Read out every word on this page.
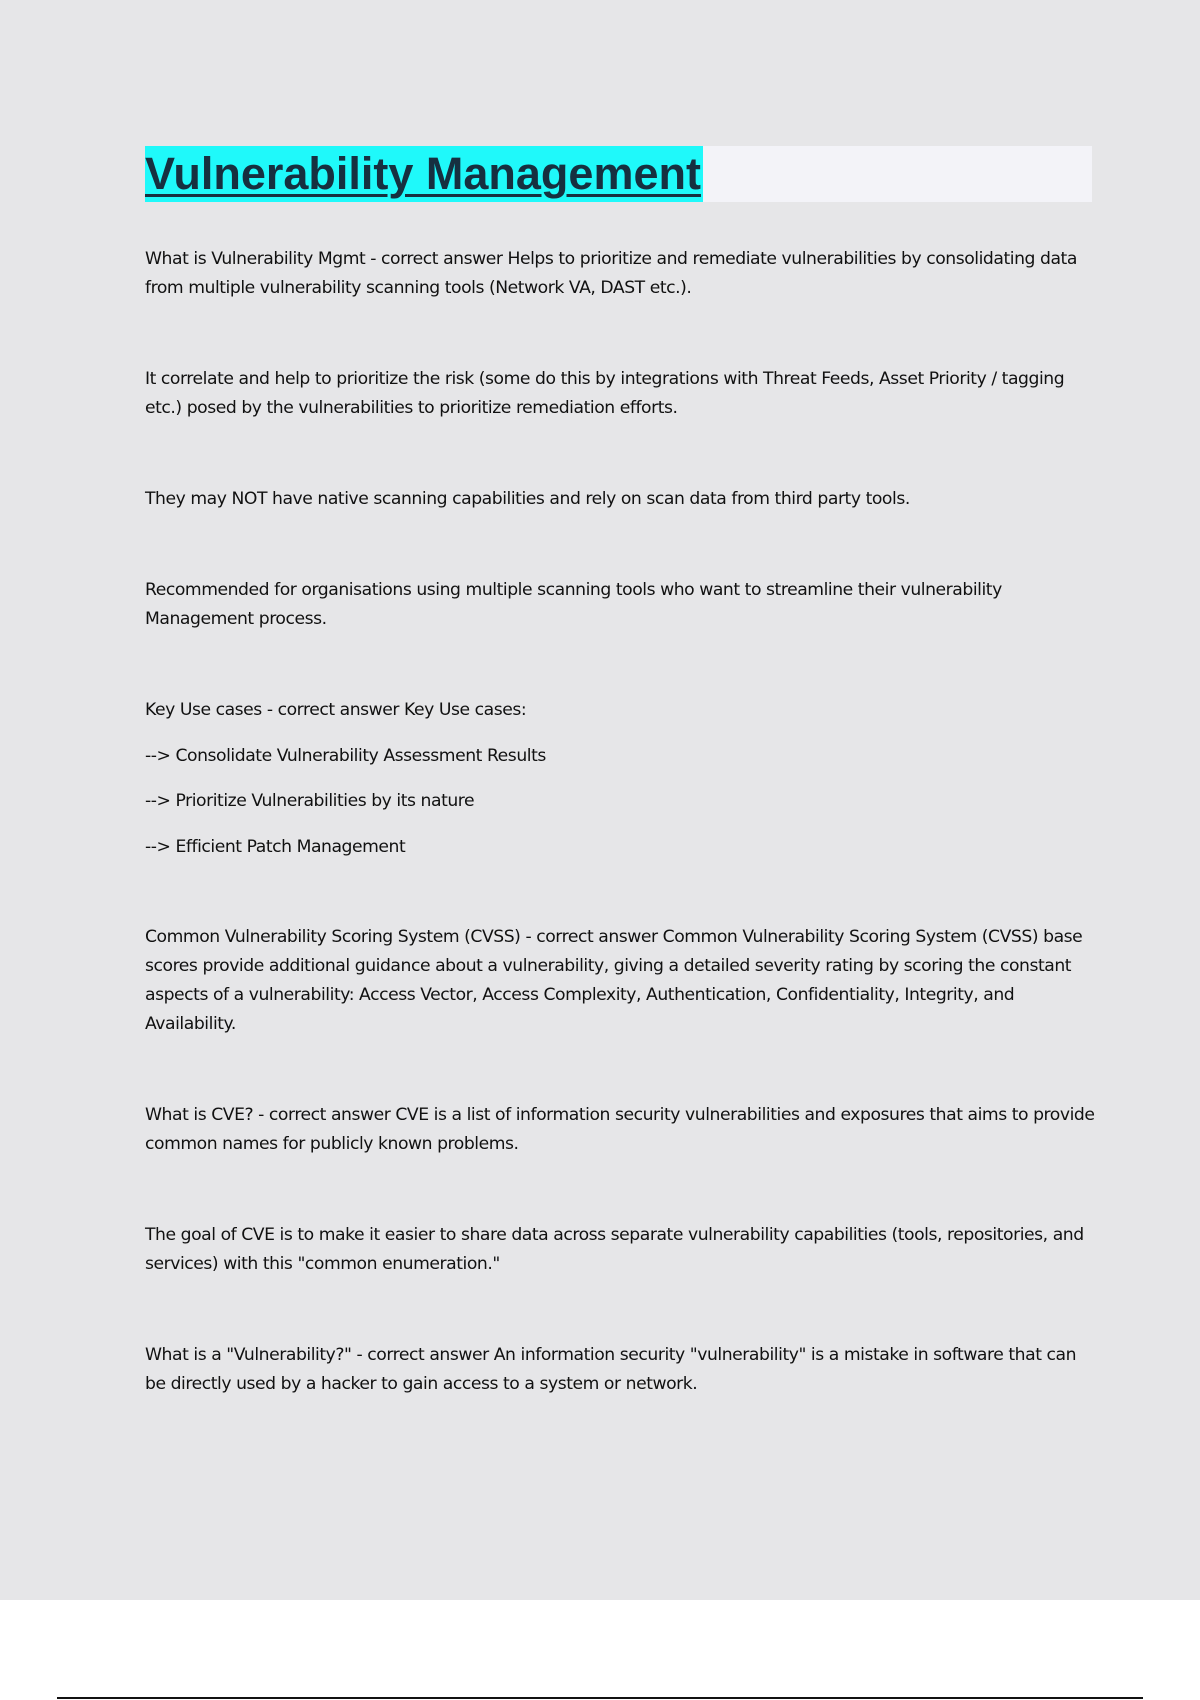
Vulnerability Management

What is Vulnerability Mgmt - correct answer Helps to prioritize and remediate vulnerabilities by consolidating data from multiple vulnerability scanning tools (Network VA, DAST etc.).

It correlate and help to prioritize the risk (some do this by integrations with Threat Feeds, Asset Priority / tagging etc.) posed by the vulnerabilities to prioritize remediation efforts.

They may NOT have native scanning capabilities and rely on scan data from third party tools.

Recommended for organisations using multiple scanning tools who want to streamline their vulnerability Management process.

Key Use cases - correct answer Key Use cases:

--> Consolidate Vulnerability Assessment Results

--> Prioritize Vulnerabilities by its nature

--> Efficient Patch Management

Common Vulnerability Scoring System (CVSS) - correct answer Common Vulnerability Scoring System (CVSS) base scores provide additional guidance about a vulnerability, giving a detailed severity rating by scoring the constant aspects of a vulnerability: Access Vector, Access Complexity, Authentication, Confidentiality, Integrity, and Availability.

What is CVE? - correct answer CVE is a list of information security vulnerabilities and exposures that aims to provide common names for publicly known problems.

The goal of CVE is to make it easier to share data across separate vulnerability capabilities (tools, repositories, and services) with this "common enumeration."

What is a "Vulnerability?" - correct answer An information security "vulnerability" is a mistake in software that can be directly used by a hacker to gain access to a system or network.
